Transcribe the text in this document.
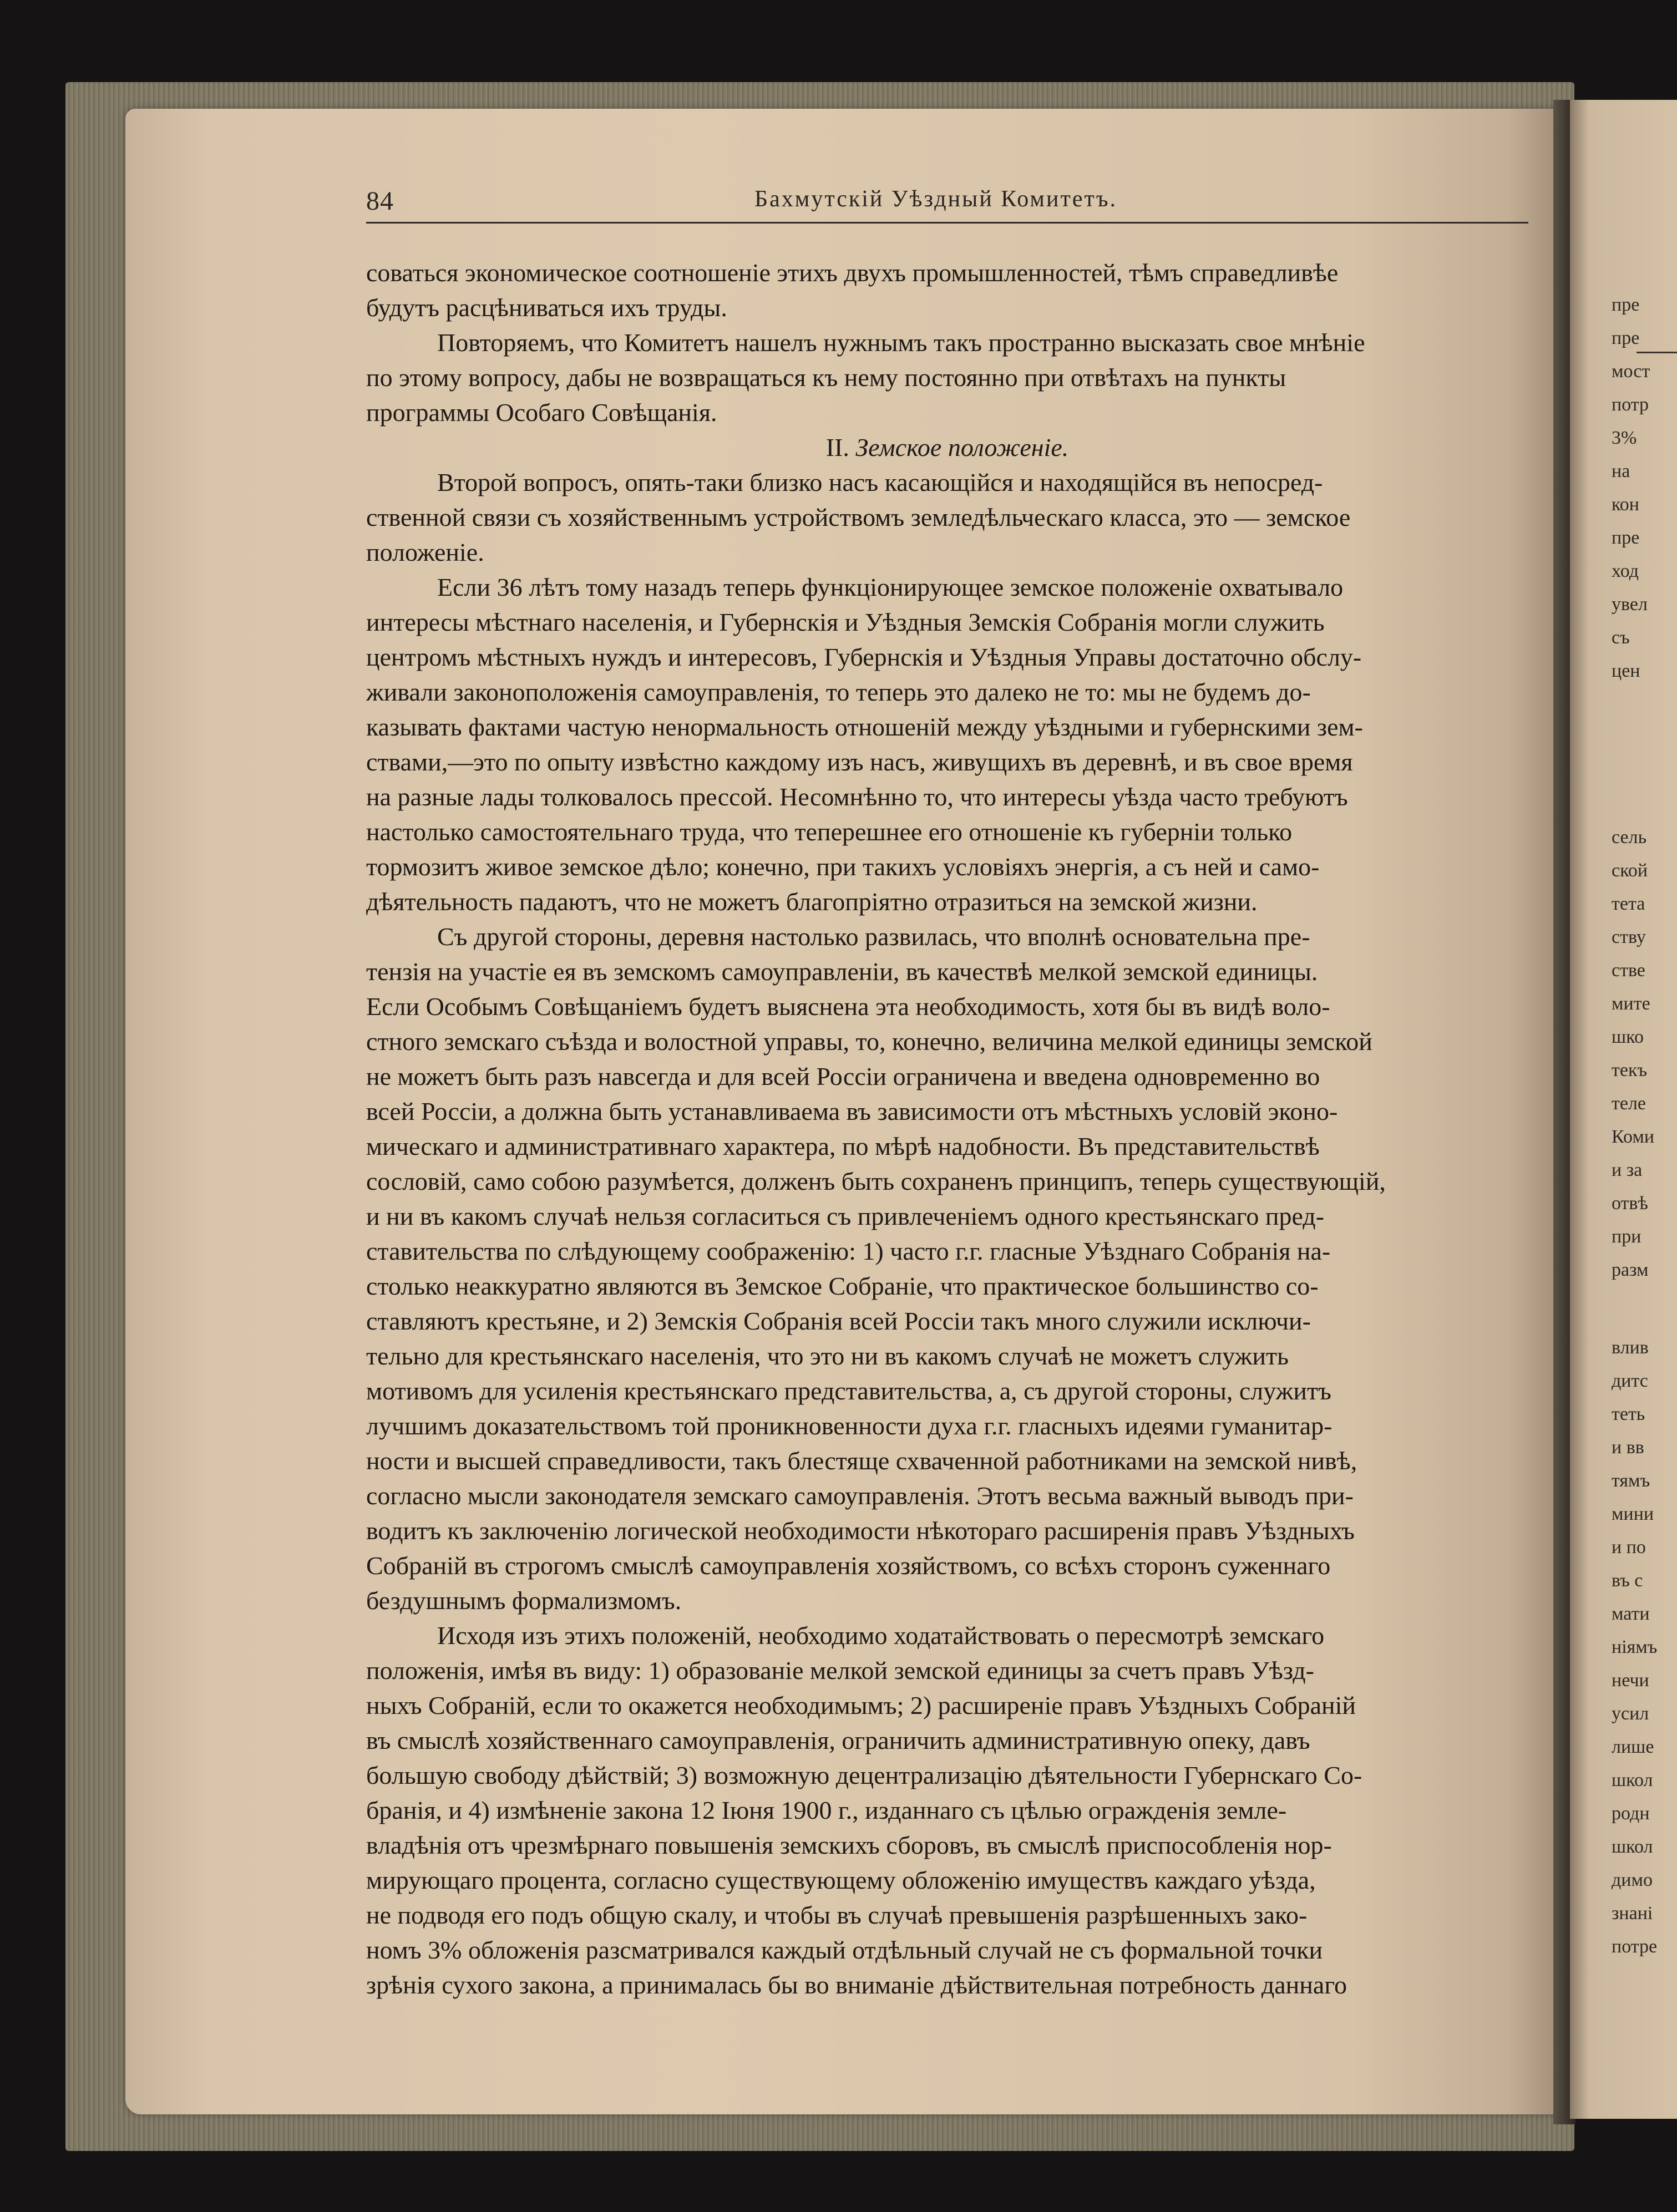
пре
пре
мост
потр
3%
на
кон
пре
ход
увел
съ
цен
сель
ской
тета
ству
стве
мите
шко
текъ
теле
Коми
и за
отвѣ
при
разм
влив
дитс
теть
и вв
тямъ
мини
и по
въ с
мати
ніямъ
нечи
усил
лише
школ
родн
школ
димо
знані
потре
84	Бахмутскій Уѣздный Комитетъ.
соваться экономическое соотношеніе этихъ двухъ промышленностей, тѣмъ справедливѣе
будутъ расцѣниваться ихъ труды.
Повторяемъ, что Комитетъ нашелъ нужнымъ такъ пространно высказать свое мнѣніе
по этому вопросу, дабы не возвращаться къ нему постоянно при отвѣтахъ на пункты
программы Особаго Совѣщанія.
II. Земское положеніе.
Второй вопросъ, опять-таки близко насъ касающійся и находящійся въ непосред-
ственной связи съ хозяйственнымъ устройствомъ земледѣльческаго класса, это — земское
положеніе.
Если 36 лѣтъ тому назадъ теперь функціонирующее земское положеніе охватывало
интересы мѣстнаго населенія, и Губернскія и Уѣздныя Земскія Собранія могли служить
центромъ мѣстныхъ нуждъ и интересовъ, Губернскія и Уѣздныя Управы достаточно обслу-
живали законоположенія самоуправленія, то теперь это далеко не то: мы не будемъ до-
казывать фактами частую ненормальность отношеній между уѣздными и губернскими зем-
ствами,—это по опыту извѣстно каждому изъ насъ, живущихъ въ деревнѣ, и въ свое время
на разные лады толковалось прессой. Несомнѣнно то, что интересы уѣзда часто требуютъ
настолько самостоятельнаго труда, что теперешнее его отношеніе къ губерніи только
тормозитъ живое земское дѣло; конечно, при такихъ условіяхъ энергія, а съ ней и само-
дѣятельность падаютъ, что не можетъ благопріятно отразиться на земской жизни.
Съ другой стороны, деревня настолько развилась, что вполнѣ основательна пре-
тензія на участіе ея въ земскомъ самоуправленіи, въ качествѣ мелкой земской единицы.
Если Особымъ Совѣщаніемъ будетъ выяснена эта необходимость, хотя бы въ видѣ воло-
стного земскаго съѣзда и волостной управы, то, конечно, величина мелкой единицы земской
не можетъ быть разъ навсегда и для всей Россіи ограничена и введена одновременно во
всей Россіи, а должна быть устанавливаема въ зависимости отъ мѣстныхъ условій эконо-
мическаго и административнаго характера, по мѣрѣ надобности. Въ представительствѣ
сословій, само собою разумѣется, долженъ быть сохраненъ принципъ, теперь существующій,
и ни въ какомъ случаѣ нельзя согласиться съ привлеченіемъ одного крестьянскаго пред-
ставительства по слѣдующему соображенію: 1) часто г.г. гласные Уѣзднаго Собранія на-
столько неаккуратно являются въ Земское Собраніе, что практическое большинство со-
ставляютъ крестьяне, и 2) Земскія Собранія всей Россіи такъ много служили исключи-
тельно для крестьянскаго населенія, что это ни въ какомъ случаѣ не можетъ служить
мотивомъ для усиленія крестьянскаго представительства, а, съ другой стороны, служитъ
лучшимъ доказательствомъ той проникновенности духа г.г. гласныхъ идеями гуманитар-
ности и высшей справедливости, такъ блестяще схваченной работниками на земской нивѣ,
согласно мысли законодателя земскаго самоуправленія. Этотъ весьма важный выводъ при-
водитъ къ заключенію логической необходимости нѣкотораго расширенія правъ Уѣздныхъ
Собраній въ строгомъ смыслѣ самоуправленія хозяйствомъ, со всѣхъ сторонъ суженнаго
бездушнымъ формализмомъ.
Исходя изъ этихъ положеній, необходимо ходатайствовать о пересмотрѣ земскаго
положенія, имѣя въ виду: 1) образованіе мелкой земской единицы за счетъ правъ Уѣзд-
ныхъ Собраній, если то окажется необходимымъ; 2) расширеніе правъ Уѣздныхъ Собраній
въ смыслѣ хозяйственнаго самоуправленія, ограничить административную опеку, давъ
большую свободу дѣйствій; 3) возможную децентрализацію дѣятельности Губернскаго Со-
бранія, и 4) измѣненіе закона 12 Іюня 1900 г., изданнаго съ цѣлью огражденія земле-
владѣнія отъ чрезмѣрнаго повышенія земскихъ сборовъ, въ смыслѣ приспособленія нор-
мирующаго процента, согласно существующему обложенію имуществъ каждаго уѣзда,
не подводя его подъ общую скалу, и чтобы въ случаѣ превышенія разрѣшенныхъ зако-
номъ 3% обложенія разсматривался каждый отдѣльный случай не съ формальной точки
зрѣнія сухого закона, а принималась бы во вниманіе дѣйствительная потребность даннаго
